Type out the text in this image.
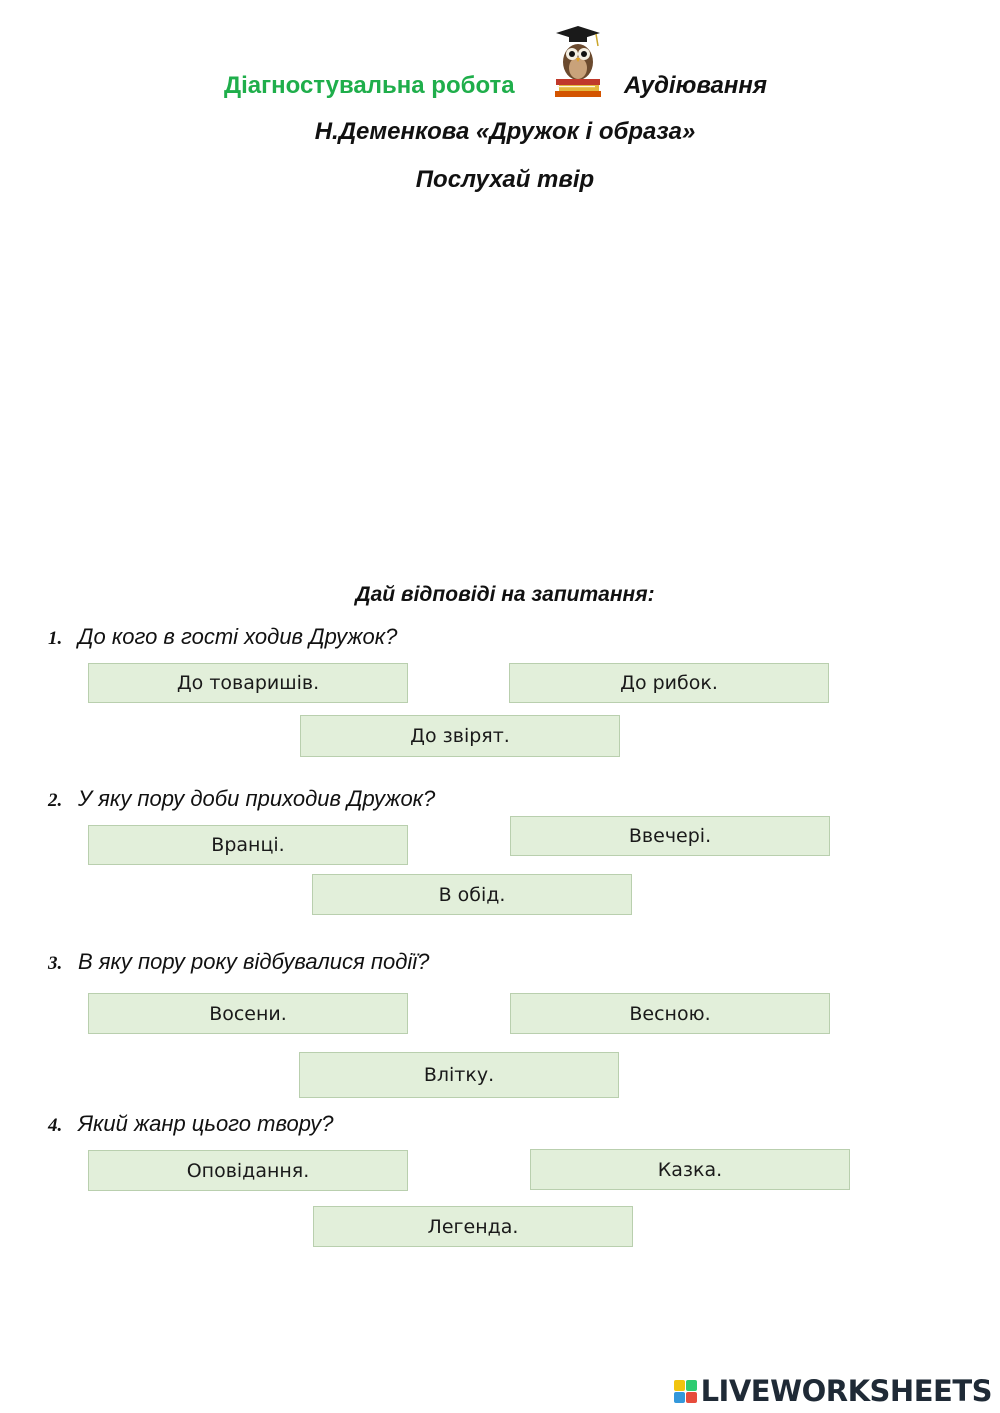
Діагностувальна робота	Аудіювання
Н.Деменкова «Дружок і образа»
Послухай твір
Дай відповіді на запитання:
1. До кого в гості ходив Дружок?
До товаришів.	До рибок.
До звірят.
2. У яку пору доби приходив Дружок?
Вранці.	Ввечері.
В обід.
3. В яку пору року відбувалися події?
Восени.	Весною.
Влітку.
4. Який жанр цього твору?
Оповідання.	Казка.
Легенда.
LIVEWORKSHEETS
